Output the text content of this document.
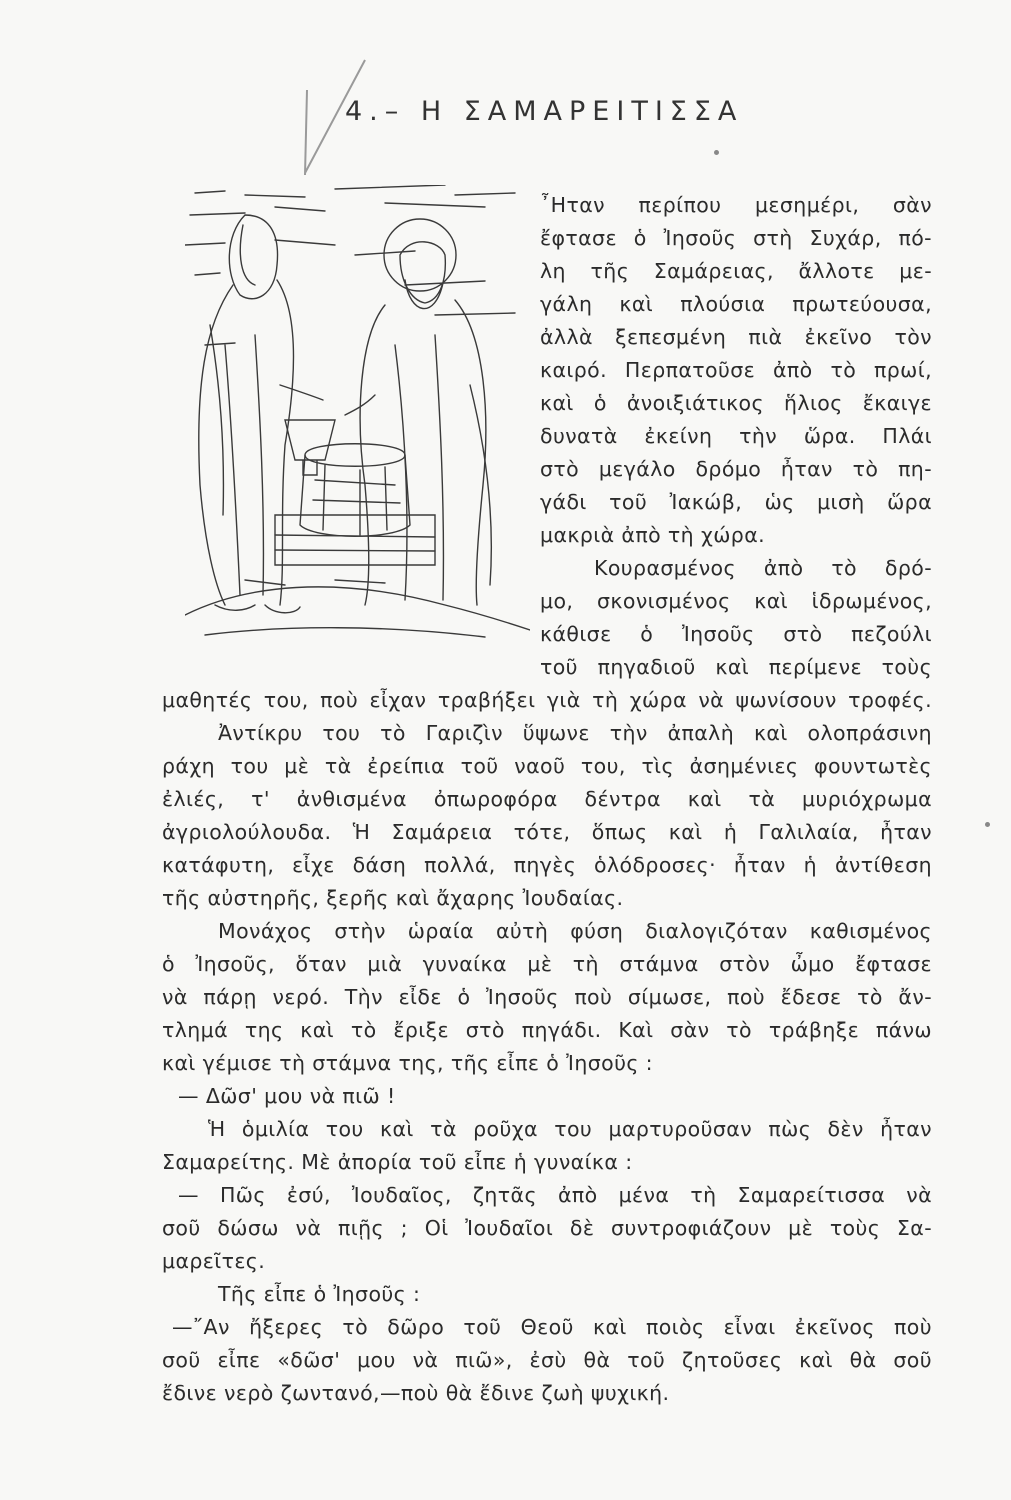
4.– Η ΣΑΜΑΡΕΙΤΙΣΣΑ
῏Ηταν περίπου μεσημέρι, σὰν
ἔφτασε ὁ Ἰησοῦς στὴ Συχάρ, πό-
λη τῆς Σαμάρειας, ἄλλοτε με-
γάλη καὶ πλούσια πρωτεύουσα,
ἀλλὰ ξεπεσμένη πιὰ ἐκεῖνο τὸν
καιρό. Περπατοῦσε ἀπὸ τὸ πρωί,
καὶ ὁ ἀνοιξιάτικος ἥλιος ἔκαιγε
δυνατὰ ἐκείνη τὴν ὥρα. Πλάι
στὸ μεγάλο δρόμο ἦταν τὸ πη-
γάδι τοῦ Ἰακώβ, ὡς μισὴ ὥρα
μακριὰ ἀπὸ τὴ χώρα.
Κουρασμένος ἀπὸ τὸ δρό-
μο, σκονισμένος καὶ ἱδρωμένος,
κάθισε ὁ Ἰησοῦς στὸ πεζούλι
τοῦ πηγαδιοῦ καὶ περίμενε τοὺς
μαθητές του, ποὺ εἶχαν τραβήξει γιὰ τὴ χώρα νὰ ψωνίσουν τροφές.
Ἀντίκρυ του τὸ Γαριζὶν ὕψωνε τὴν ἀπαλὴ καὶ ολοπράσινη
ράχη του μὲ τὰ ἐρείπια τοῦ ναοῦ του, τὶς ἀσημένιες φουντωτὲς
ἐλιές, τ' ἀνθισμένα ὀπωροφόρα δέντρα καὶ τὰ μυριόχρωμα
ἀγριολούλουδα. Ἡ Σαμάρεια τότε, ὅπως καὶ ἡ Γαλιλαία, ἦταν
κατάφυτη, εἶχε δάση πολλά, πηγὲς ὁλόδροσες· ἦταν ἡ ἀντίθεση
τῆς αὐστηρῆς, ξερῆς καὶ ἄχαρης Ἰουδαίας.
Μονάχος στὴν ὡραία αὐτὴ φύση διαλογιζόταν καθισμένος
ὁ Ἰησοῦς, ὅταν μιὰ γυναίκα μὲ τὴ στάμνα στὸν ὦμο ἔφτασε
νὰ πάρῃ νερό. Τὴν εἶδε ὁ Ἰησοῦς ποὺ σίμωσε, ποὺ ἔδεσε τὸ ἄν-
τλημά της καὶ τὸ ἔριξε στὸ πηγάδι. Καὶ σὰν τὸ τράβηξε πάνω
καὶ γέμισε τὴ στάμνα της, τῆς εἶπε ὁ Ἰησοῦς :
— Δῶσ' μου νὰ πιῶ !
Ἡ ὁμιλία του καὶ τὰ ροῦχα του μαρτυροῦσαν πὼς δὲν ἦταν
Σαμαρείτης. Μὲ ἀπορία τοῦ εἶπε ἡ γυναίκα :
— Πῶς ἐσύ, Ἰουδαῖος, ζητᾶς ἀπὸ μένα τὴ Σαμαρείτισσα νὰ
σοῦ δώσω νὰ πιῇς ; Οἱ Ἰουδαῖοι δὲ συντροφιάζουν μὲ τοὺς Σα-
μαρεῖτες.
Τῆς εἶπε ὁ Ἰησοῦς :
—῎Αν ἤξερες τὸ δῶρο τοῦ Θεοῦ καὶ ποιὸς εἶναι ἐκεῖνος ποὺ
σοῦ εἶπε «δῶσ' μου νὰ πιῶ», ἐσὺ θὰ τοῦ ζητοῦσες καὶ θὰ σοῦ
ἔδινε νερὸ ζωντανό,—ποὺ θὰ ἔδινε ζωὴ ψυχική.
